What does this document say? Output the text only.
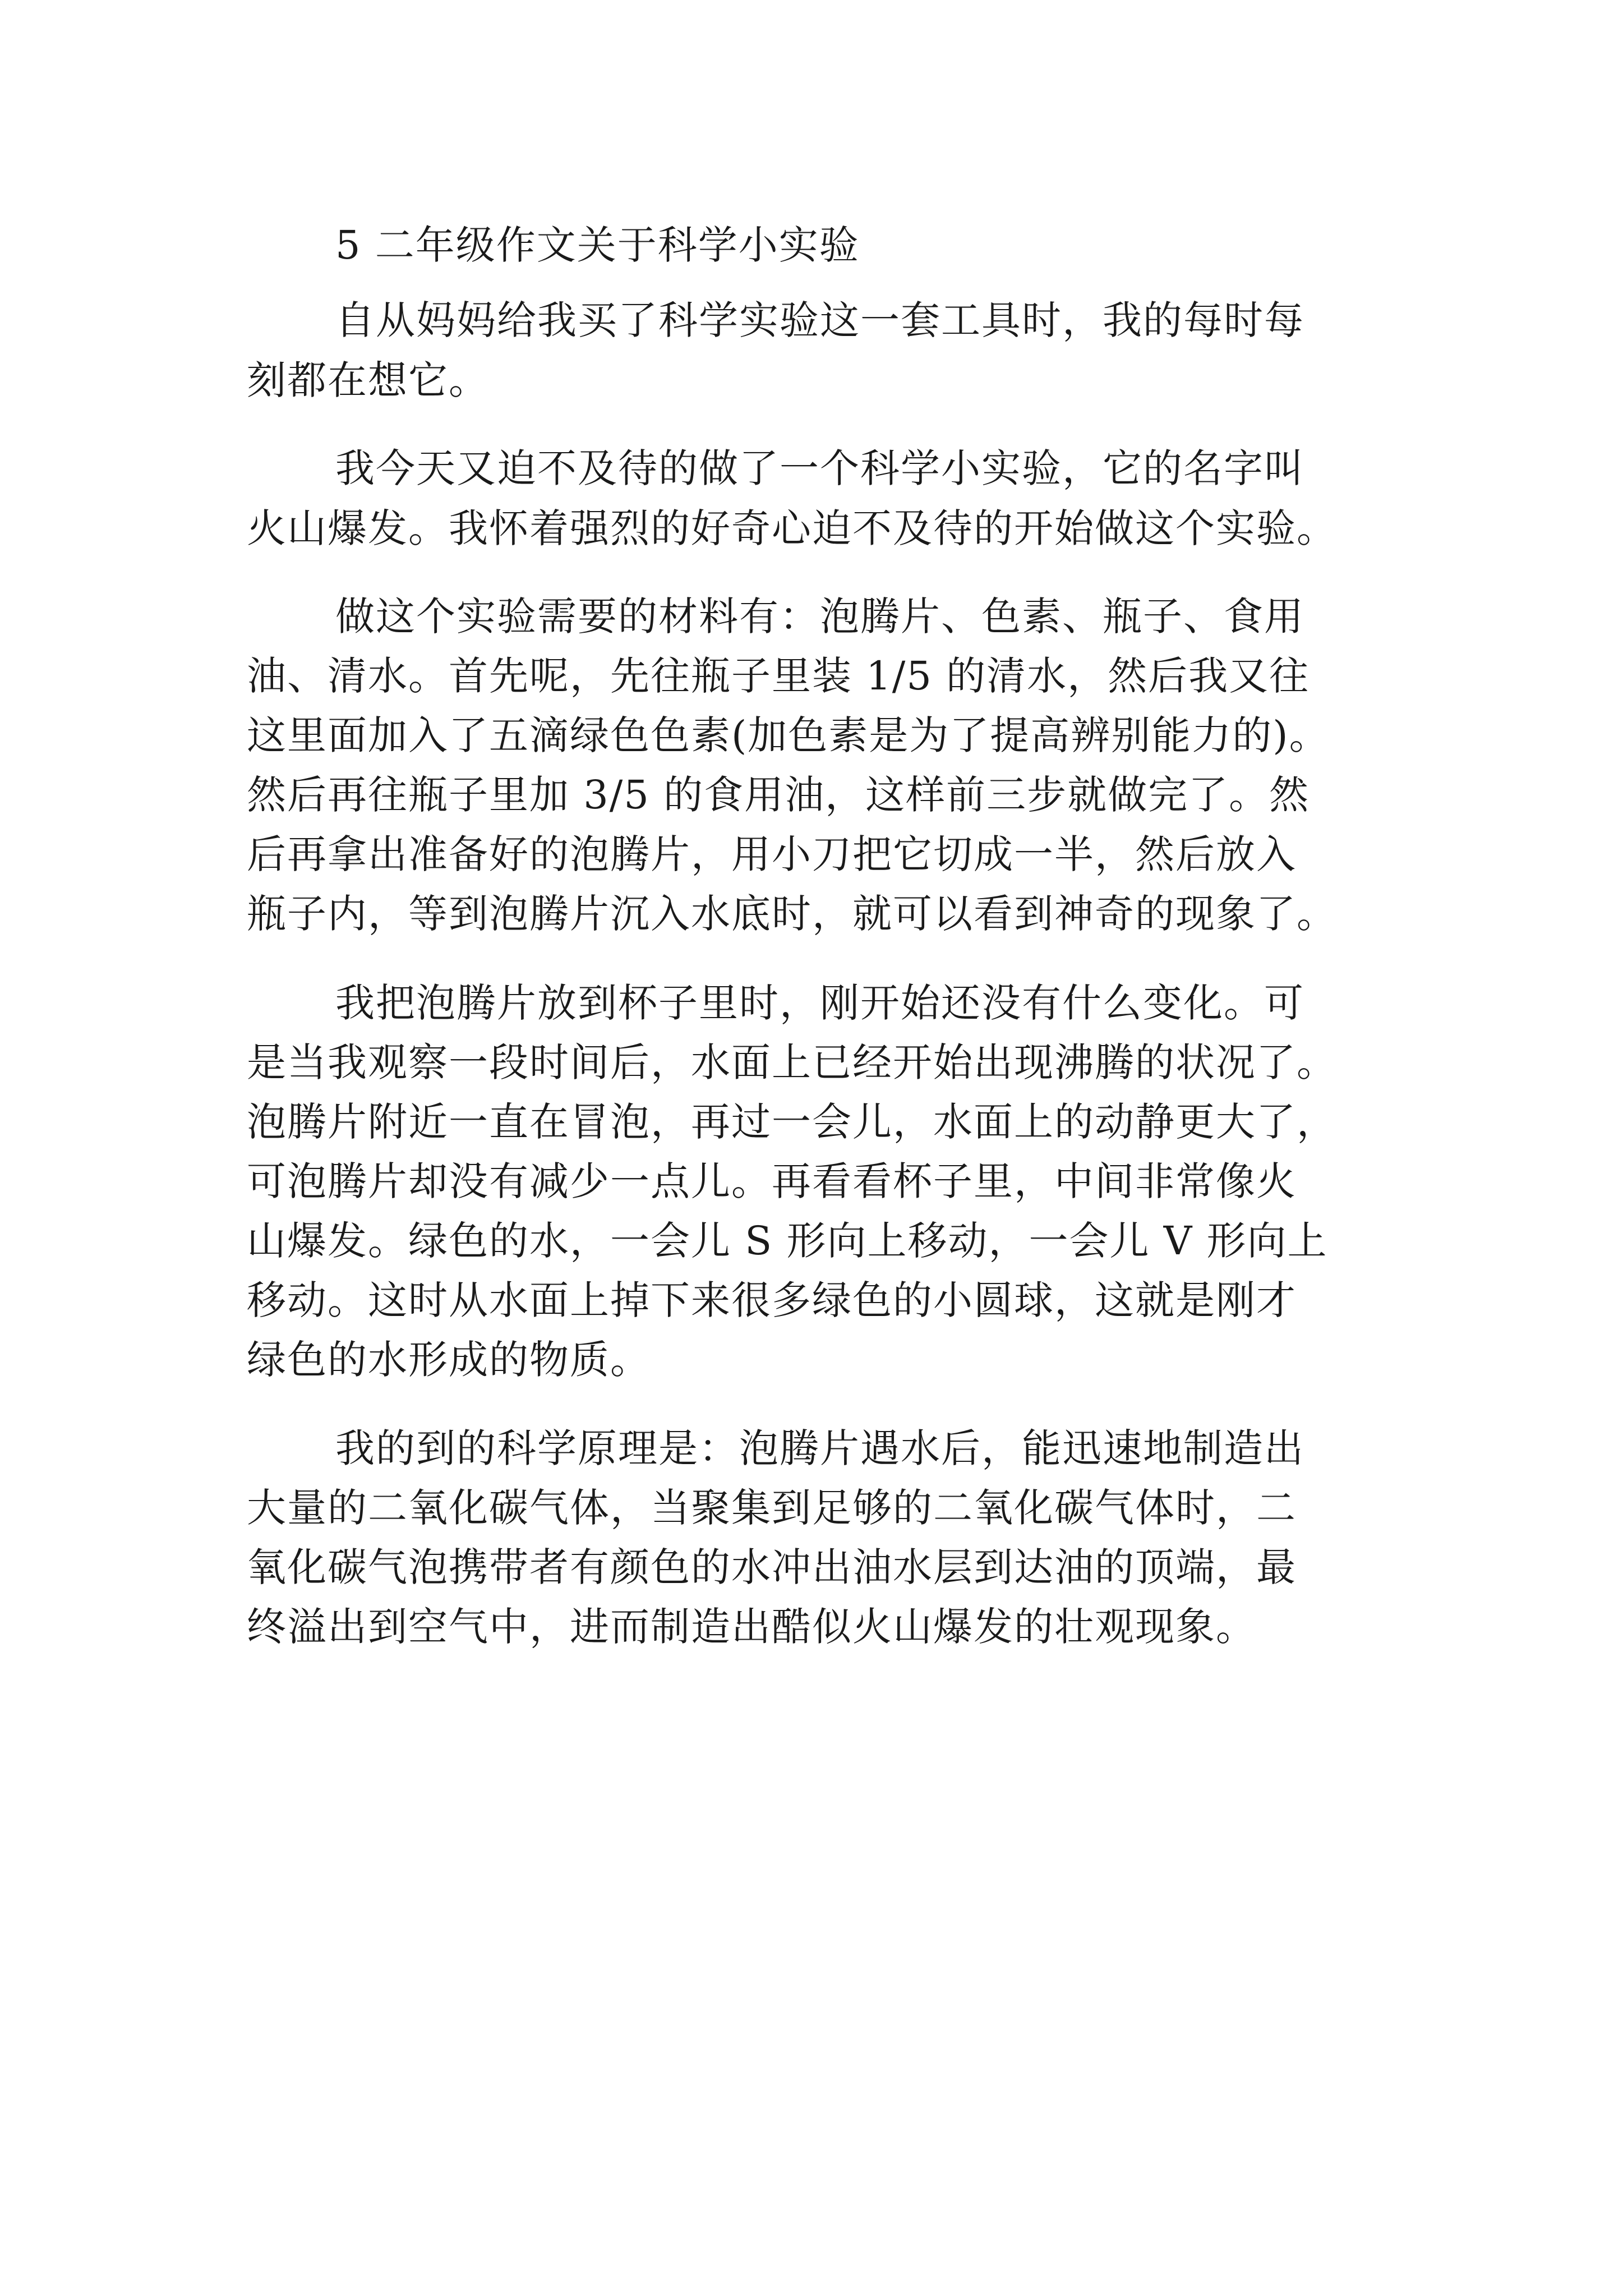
5 二年级作文关于科学小实验
自从妈妈给我买了科学实验这一套工具时，我的每时每
刻都在想它。
我今天又迫不及待的做了一个科学小实验，它的名字叫
火山爆发。我怀着强烈的好奇心迫不及待的开始做这个实验。
做这个实验需要的材料有：泡腾片、色素、瓶子、食用
油、清水。首先呢，先往瓶子里装 1/5 的清水，然后我又往
这里面加入了五滴绿色色素(加色素是为了提高辨别能力的)。
然后再往瓶子里加 3/5 的食用油，这样前三步就做完了。然
后再拿出准备好的泡腾片，用小刀把它切成一半，然后放入
瓶子内，等到泡腾片沉入水底时，就可以看到神奇的现象了。
我把泡腾片放到杯子里时，刚开始还没有什么变化。可
是当我观察一段时间后，水面上已经开始出现沸腾的状况了。
泡腾片附近一直在冒泡，再过一会儿，水面上的动静更大了，
可泡腾片却没有减少一点儿。再看看杯子里，中间非常像火
山爆发。绿色的水，一会儿 S 形向上移动，一会儿 V 形向上
移动。这时从水面上掉下来很多绿色的小圆球，这就是刚才
绿色的水形成的物质。
我的到的科学原理是：泡腾片遇水后，能迅速地制造出
大量的二氧化碳气体，当聚集到足够的二氧化碳气体时，二
氧化碳气泡携带者有颜色的水冲出油水层到达油的顶端，最
终溢出到空气中，进而制造出酷似火山爆发的壮观现象。
